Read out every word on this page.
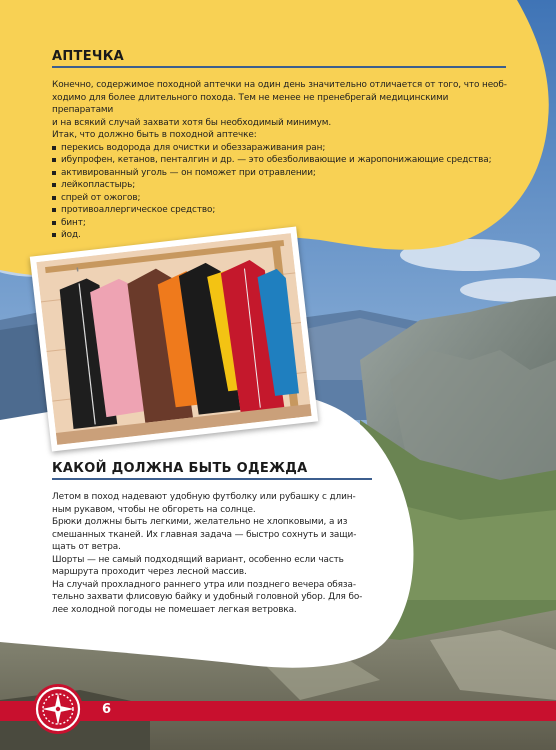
АПТЕЧКА

Конечно, содержимое походной аптечки на один день значительно отличается от того, что необ-

ходимо для более длительного похода. Тем не менее не пренебрегай медицинскими препаратами

и на всякий случай захвати хотя бы необходимый минимум.

Итак, что должно быть в походной аптечке:

перекись водорода для очистки и обеззараживания ран;
ибупрофен, кетанов, пенталгин и др. — это обезболивающие и жаропонижающие средства;
активированный уголь — он поможет при отравлении;
лейкопластырь;
спрей от ожогов;
противоаллергическое средство;
бинт;
йод.
КАКОЙ ДОЛЖНА БЫТЬ ОДЕЖДА

Летом в поход надевают удобную футболку или рубашку с длин-

ным рукавом, чтобы не обгореть на солнце.

Брюки должны быть легкими, желательно не хлопковыми, а из

смешанных тканей. Их главная задача — быстро сохнуть и защи-

щать от ветра.

Шорты — не самый подходящий вариант, особенно если часть

маршрута проходит через лесной массив.

На случай прохладного раннего утра или позднего вечера обяза-

тельно захвати флисовую байку и удобный головной убор. Для бо-

лее холодной погоды не помешает легкая ветровка.

6
